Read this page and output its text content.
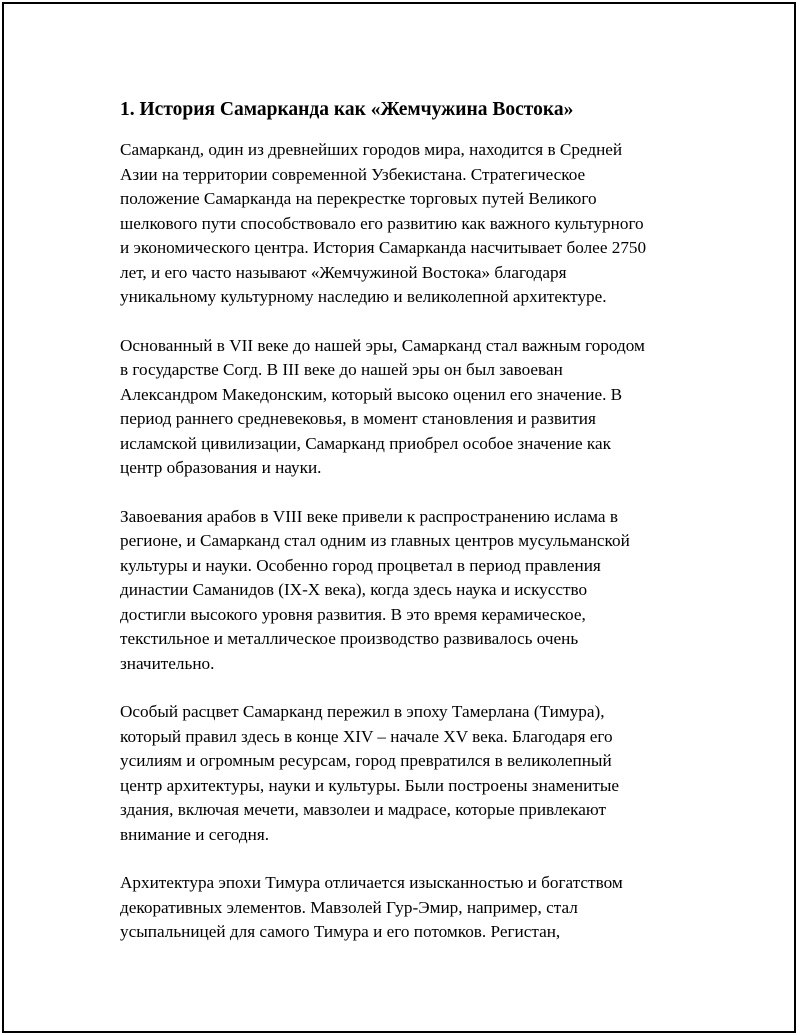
1. История Самарканда как «Жемчужина Востока»

Самарканд, один из древнейших городов мира, находится в Средней
Азии на территории современной Узбекистана. Стратегическое
положение Самарканда на перекрестке торговых путей Великого
шелкового пути способствовало его развитию как важного культурного
и экономического центра. История Самарканда насчитывает более 2750
лет, и его часто называют «Жемчужиной Востока» благодаря
уникальному культурному наследию и великолепной архитектуре.

Основанный в VII веке до нашей эры, Самарканд стал важным городом
в государстве Согд. В III веке до нашей эры он был завоеван
Александром Македонским, который высоко оценил его значение. В
период раннего средневековья, в момент становления и развития
исламской цивилизации, Самарканд приобрел особое значение как
центр образования и науки.

Завоевания арабов в VIII веке привели к распространению ислама в
регионе, и Самарканд стал одним из главных центров мусульманской
культуры и науки. Особенно город процветал в период правления
династии Саманидов (IX-X века), когда здесь наука и искусство
достигли высокого уровня развития. В это время керамическое,
текстильное и металлическое производство развивалось очень
значительно.

Особый расцвет Самарканд пережил в эпоху Тамерлана (Тимура),
который правил здесь в конце XIV – начале XV века. Благодаря его
усилиям и огромным ресурсам, город превратился в великолепный
центр архитектуры, науки и культуры. Были построены знаменитые
здания, включая мечети, мавзолеи и мадрасе, которые привлекают
внимание и сегодня.

Архитектура эпохи Тимура отличается изысканностью и богатством
декоративных элементов. Мавзолей Гур-Эмир, например, стал
усыпальницей для самого Тимура и его потомков. Регистан,
